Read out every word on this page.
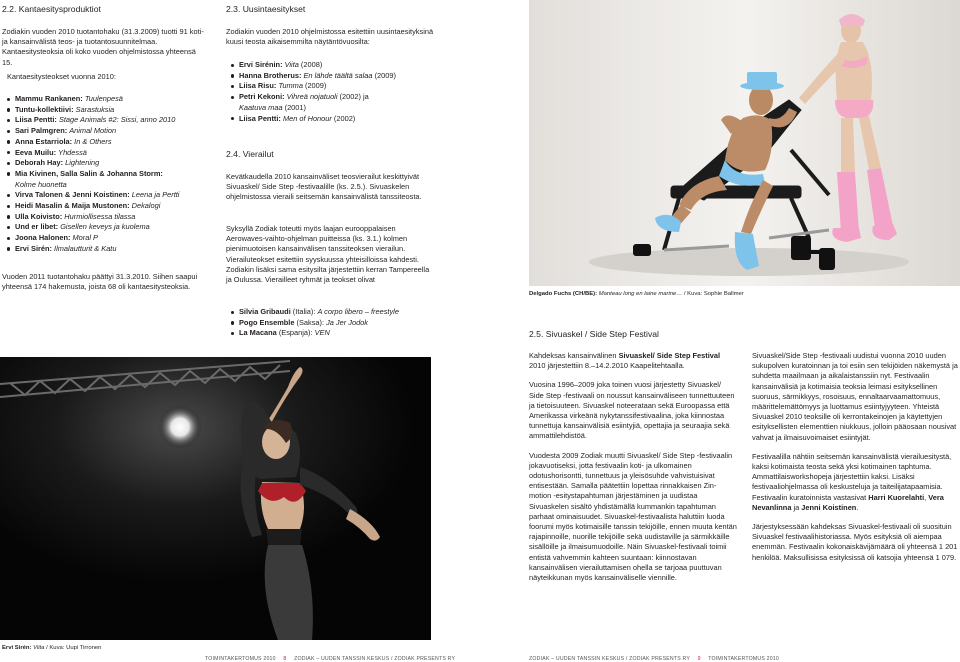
2.2. Kantaesitysproduktiot

Zodiakin vuoden 2010 tuotantohaku (31.3.2009) tuotti 91 koti- ja kansainvälistä teos- ja tuotantosuunnitelmaa. Kantaesitysteoksia oli koko vuoden ohjelmistossa yhteensä 15.

Kantaesitysteokset vuonna 2010:

Mammu Rankanen: Tuulenpesä
Tuntu-kollektiivi: Sarastuksia
Liisa Pentti: Stage Animals #2: Sissi, anno 2010
Sari Palmgren: Animal Motion
Anna Estarriola: In & Others
Eeva Muilu: Yhdessä
Deborah Hay: Lightening
Mia Kivinen, Salla Salin & Johanna Storm:
Kolme huonetta
Virva Talonen & Jenni Koistinen: Leena ja Pertti
Heidi Masalin & Maija Mustonen: Dekalogi
Ulla Koivisto: Hurmiollisessa tilassa
Und er libet: Gisellen keveys ja kuolema
Joona Halonen: Moral P
Ervi Sirén: Ilmalautturit & Katu

Vuoden 2011 tuotantohaku päättyi 31.3.2010. Siihen saapui yhteensä 174 hakemusta, joista 68 oli kantaesitysteoksia.

2.3. Uusintaesitykset

Zodiakin vuoden 2010 ohjelmistossa esitettiin uusintaesityksinä kuusi teosta aikaisemmilta näytäntövuosilta:

Ervi Sirénin: Viita (2008)
Hanna Brotherus: En lähde täältä salaa (2009)
Liisa Risu: Tumma (2009)
Petri Kekoni: Vihreä nojatuoli (2002) ja
Kaatuva maa (2001)
Liisa Pentti: Men of Honour (2002)
2.4. Vierailut

Kevätkaudella 2010 kansainväliset teosvierailut keskittyivät Sivuaskel/ Side Step -festivaalille (ks. 2.5.). Sivuaskelen ohjelmistossa vieraili seitsemän kansainvälistä tanssiteosta.

Syksyllä Zodiak toteutti myös laajan eurooppalaisen Aerowaves-vaihto-ohjelman puitteissa (ks. 3.1.) kolmen pienimuotoisen kansainvälisen tanssiteoksen vierailun. Vierailuteokset esitettiin syyskuussa yhteisilloissa kahdesti. Zodiakin lisäksi sama esitysilta järjestettiin kerran Tampereella ja Oulussa. Vierailleet ryhmät ja teokset olivat

Silvia Gribaudi (Italia): A corpo libero – freestyle
Pogo Ensemble (Saksa): Ja Jer Jodok
La Macana (Espanja): VEN

Ervi Sirén: Viita / Kuva: Uupi Tirronen

TOIMINTAKERTOMUS 2010 8 ZODIAK – UUDEN TANSSIN KESKUS / ZODIAK PRESENTS RY

Delgado Fuchs (CH/BE): Manteau long en laine marine… / Kuva: Sophie Ballmer

2.5. Sivuaskel / Side Step Festival

Kahdeksas kansainvälinen Sivuaskel/ Side Step Festival 2010 järjestettiin 8.–14.2.2010 Kaapelitehtaalla.

Vuosina 1996–2009 joka toinen vuosi järjestetty Sivuaskel/ Side Step -festivaali on noussut kansainväliseen tunnettuuteen ja tietoisuuteen. Sivuaskel noteerataan sekä Euroopassa että Amerikassa virkeänä nykytanssifestivaalina, joka kiinnostaa tunnettuja kansainvälisiä esiintyjiä, opettajia ja seuraajia sekä ammattilehdistöä.

Vuodesta 2009 Zodiak muutti Sivuaskel/ Side Step -festivaalin jokavuotiseksi, jotta festivaalin koti- ja ulkomainen odotushorisontti, tunnettuus ja yleisösuhde vahvistuisivat entisestään. Samalla päätettiin lopettaa rinnakkaisen Zin-motion -esitystapahtuman järjestäminen ja uudistaa Sivuaskelen sisältö yhdistämällä kummankin tapahtuman parhaat ominaisuudet. Sivuaskel-festivaalista haluttiin luoda foorumi myös kotimaisille tanssin tekijöille, ennen muuta kentän rajapinnoille, nuorille tekijöille sekä uudistaville ja särmikkäille sisällöille ja ilmaisumuodoille. Näin Sivuaskel-festivaali toimii entistä vahvemmin kahteen suuntaan: kiinnostavan kansainvälisen vierailuttamisen ohella se tarjoaa puuttuvan näyteikkunan myös kansainväliselle viennille.

Sivuaskel/Side Step -festivaali uudistui vuonna 2010 uuden sukupolven kuratoinnan ja toi esiin sen tekijöiden näkemystä ja suhdetta maailmaan ja aikalaistanssiin nyt. Festivaalin kansainvälisiä ja kotimaisia teoksia leimasi esityksellinen suoruus, särmikkyys, rosoisuus, ennaltaarvaamattomuus, määrittelemättömyys ja luottamus esiintyjyyteen. Yhteistä Sivuaskel 2010 teoksille oli kerrontakeinojen ja käytettyjen esityksellisten elementtien niukkuus, jolloin pääosaan nousivat vahvat ja ilmaisuvoimaiset esiintyjät.

Festivaalilla nähtiin seitsemän kansainvälistä vierailuesitystä, kaksi kotimaista teosta sekä yksi kotimainen taphtuma. Ammattilaisworkshopeja järjestettiin kaksi. Lisäksi festivaaliohjelmassa oli keskusteluja ja taiteilijatapaamisia. Festivaalin kuratoinnista vastasivat Harri Kuorelahti, Vera Nevanlinna ja Jenni Koistinen.

Järjestyksessään kahdeksas Sivuaskel-festivaali oli suosituin Sivuaskel festivaalihistoriassa. Myös esityksiä oli aiempaa enemmän. Festivaalin kokonaiskävijämäärä oli yhteensä 1 201 henkilöä. Maksullisissa esityksissä oli katsojia yhteensä 1 079.

ZODIAK – UUDEN TANSSIN KESKUS / ZODIAK PRESENTS RY 9 TOIMINTAKERTOMUS 2010
